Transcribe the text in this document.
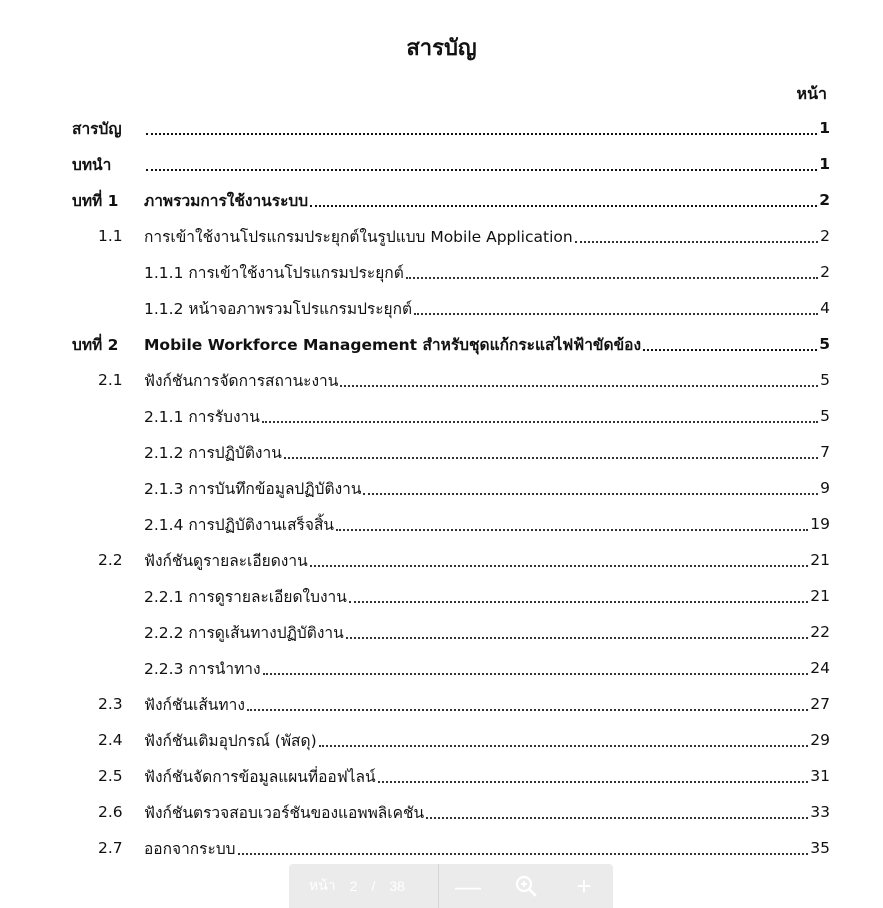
สารบัญ
หน้า
สารบัญ	1
บทนำ	1
บทที่ 1	ภาพรวมการใช้งานระบบ	2
1.1	การเข้าใช้งานโปรแกรมประยุกต์ในรูปแบบ Mobile Application	2
1.1.1 การเข้าใช้งานโปรแกรมประยุกต์	2
1.1.2 หน้าจอภาพรวมโปรแกรมประยุกต์	4
บทที่ 2	Mobile Workforce Management สำหรับชุดแก้กระแสไฟฟ้าขัดข้อง	5
2.1	ฟังก์ชันการจัดการสถานะงาน	5
2.1.1 การรับงาน	5
2.1.2 การปฏิบัติงาน	7
2.1.3 การบันทึกข้อมูลปฏิบัติงาน	9
2.1.4 การปฏิบัติงานเสร็จสิ้น	19
2.2	ฟังก์ชันดูรายละเอียดงาน	21
2.2.1 การดูรายละเอียดใบงาน	21
2.2.2 การดูเส้นทางปฏิบัติงาน	22
2.2.3 การนำทาง	24
2.3	ฟังก์ชันเส้นทาง	27
2.4	ฟังก์ชันเติมอุปกรณ์ (พัสดุ)	29
2.5	ฟังก์ชันจัดการข้อมูลแผนที่ออฟไลน์	31
2.6	ฟังก์ชันตรวจสอบเวอร์ชันของแอพพลิเคชัน	33
2.7	ออกจากระบบ	35
หน้า 2 / 38 —	+
